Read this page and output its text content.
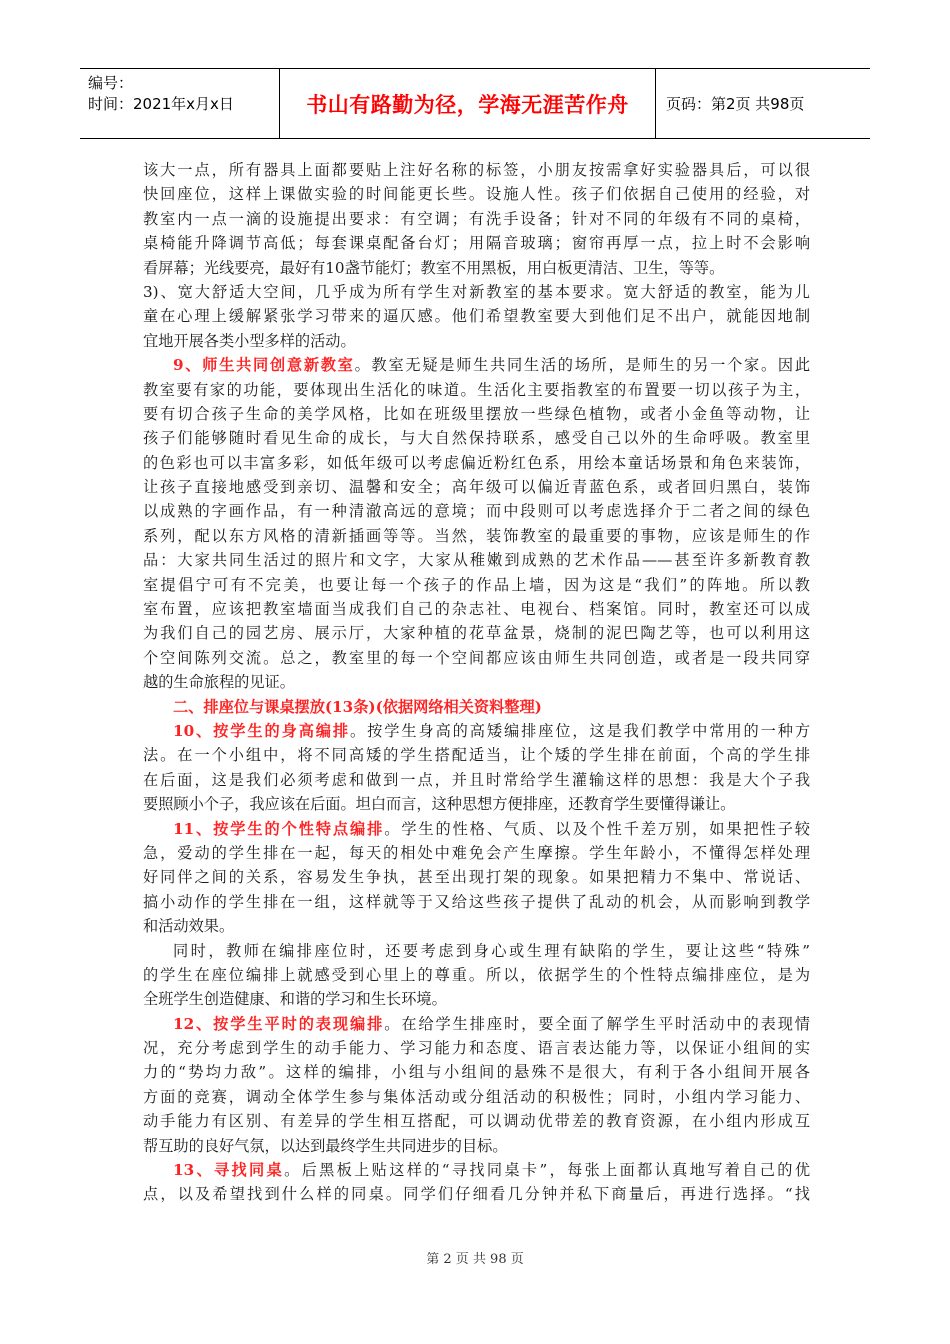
编号：
时间：2021年x月x日	书山有路勤为径，学海无涯苦作舟	页码：第2页 共98页
该大一点，所有器具上面都要贴上注好名称的标签，小朋友按需拿好实验器具后，可以很
快回座位，这样上课做实验的时间能更长些。设施人性。孩子们依据自己使用的经验，对
教室内一点一滴的设施提出要求：有空调；有洗手设备；针对不同的年级有不同的桌椅，
桌椅能升降调节高低；每套课桌配备台灯；用隔音玻璃；窗帘再厚一点，拉上时不会影响
看屏幕；光线要亮，最好有10盏节能灯；教室不用黑板，用白板更清洁、卫生，等等。
3)、宽大舒适大空间，几乎成为所有学生对新教室的基本要求。宽大舒适的教室，能为儿
童在心理上缓解紧张学习带来的逼仄感。他们希望教室要大到他们足不出户，就能因地制
宜地开展各类小型多样的活动。
9、师生共同创意新教室。教室无疑是师生共同生活的场所，是师生的另一个家。因此
教室要有家的功能，要体现出生活化的味道。生活化主要指教室的布置要一切以孩子为主，
要有切合孩子生命的美学风格，比如在班级里摆放一些绿色植物，或者小金鱼等动物，让
孩子们能够随时看见生命的成长，与大自然保持联系，感受自己以外的生命呼吸。教室里
的色彩也可以丰富多彩，如低年级可以考虑偏近粉红色系，用绘本童话场景和角色来装饰，
让孩子直接地感受到亲切、温馨和安全；高年级可以偏近青蓝色系，或者回归黑白，装饰
以成熟的字画作品，有一种清澈高远的意境；而中段则可以考虑选择介于二者之间的绿色
系列，配以东方风格的清新插画等等。当然，装饰教室的最重要的事物，应该是师生的作
品：大家共同生活过的照片和文字，大家从稚嫩到成熟的艺术作品——甚至许多新教育教
室提倡宁可有不完美，也要让每一个孩子的作品上墙，因为这是“我们”的阵地。所以教
室布置，应该把教室墙面当成我们自己的杂志社、电视台、档案馆。同时，教室还可以成
为我们自己的园艺房、展示厅，大家种植的花草盆景，烧制的泥巴陶艺等，也可以利用这
个空间陈列交流。总之，教室里的每一个空间都应该由师生共同创造，或者是一段共同穿
越的生命旅程的见证。
二、排座位与课桌摆放(13条)(依据网络相关资料整理)
10、按学生的身高编排。按学生身高的高矮编排座位，这是我们教学中常用的一种方
法。在一个小组中，将不同高矮的学生搭配适当，让个矮的学生排在前面，个高的学生排
在后面，这是我们必须考虑和做到一点，并且时常给学生灌输这样的思想：我是大个子我
要照顾小个子，我应该在后面。坦白而言，这种思想方便排座，还教育学生要懂得谦让。
11、按学生的个性特点编排。学生的性格、气质、以及个性千差万别，如果把性子较
急，爱动的学生排在一起，每天的相处中难免会产生摩擦。学生年龄小，不懂得怎样处理
好同伴之间的关系，容易发生争执，甚至出现打架的现象。如果把精力不集中、常说话、
搞小动作的学生排在一组，这样就等于又给这些孩子提供了乱动的机会，从而影响到教学
和活动效果。
同时，教师在编排座位时，还要考虑到身心或生理有缺陷的学生，要让这些“特殊”
的学生在座位编排上就感受到心里上的尊重。所以，依据学生的个性特点编排座位，是为
全班学生创造健康、和谐的学习和生长环境。
12、按学生平时的表现编排。在给学生排座时，要全面了解学生平时活动中的表现情
况，充分考虑到学生的动手能力、学习能力和态度、语言表达能力等，以保证小组间的实
力的“势均力敌”。这样的编排，小组与小组间的悬殊不是很大，有利于各小组间开展各
方面的竞赛，调动全体学生参与集体活动或分组活动的积极性；同时，小组内学习能力、
动手能力有区别、有差异的学生相互搭配，可以调动优带差的教育资源，在小组内形成互
帮互助的良好气氛，以达到最终学生共同进步的目标。
13、寻找同桌。后黑板上贴这样的“寻找同桌卡”，每张上面都认真地写着自己的优
点，以及希望找到什么样的同桌。同学们仔细看几分钟并私下商量后，再进行选择。“找
第 2 页 共 98 页
